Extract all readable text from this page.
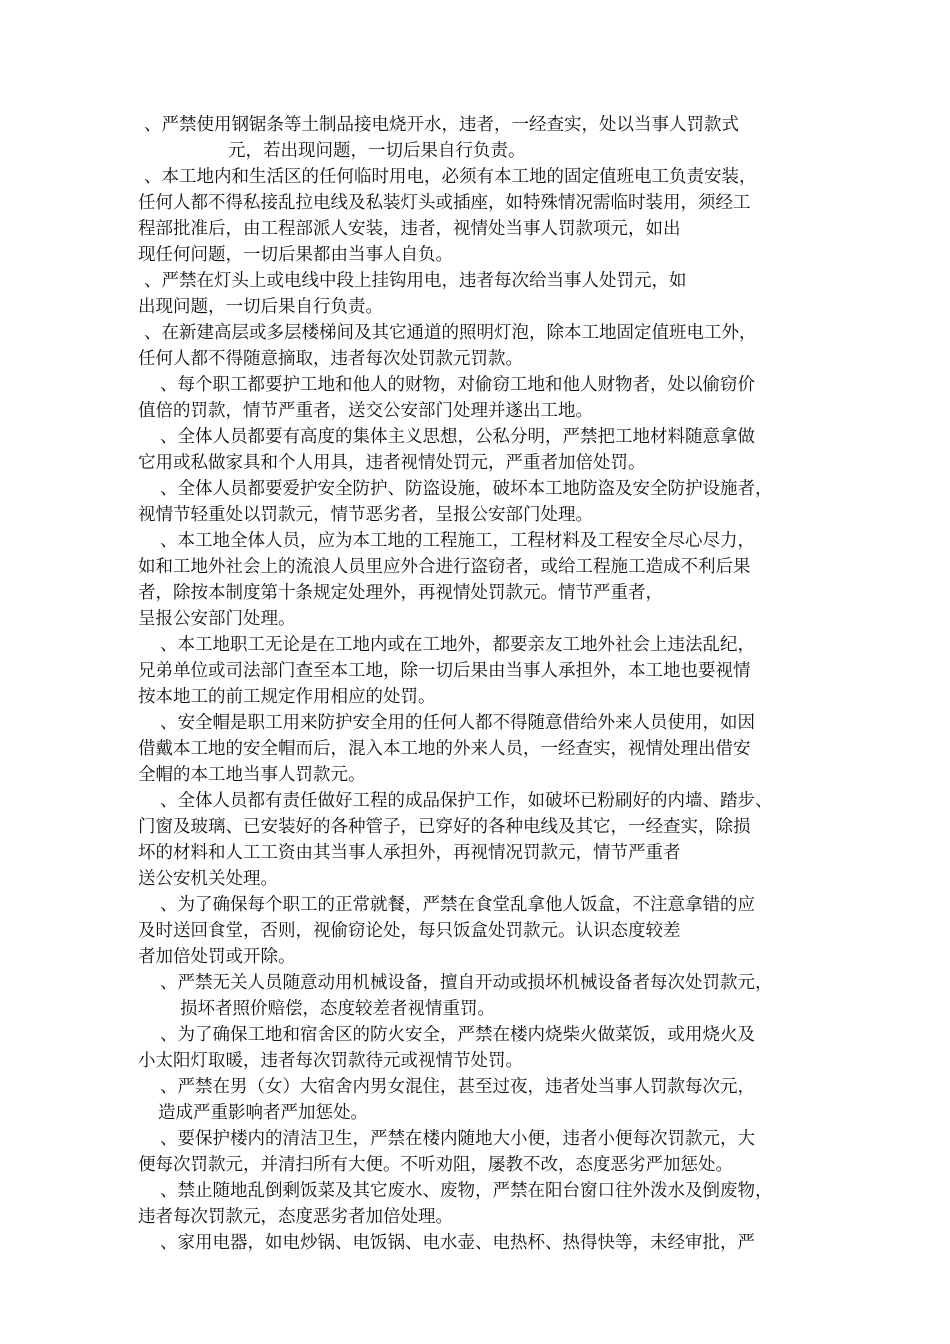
、严禁使用钢锯条等土制品接电烧开水，违者，一经查实，处以当事人罚款式
元，若出现问题，一切后果自行负责。
、本工地内和生活区的任何临时用电，必须有本工地的固定值班电工负责安装，
任何人都不得私接乱拉电线及私装灯头或插座，如特殊情况需临时装用，须经工
程部批准后，由工程部派人安装，违者，视情处当事人罚款项元，如出
现任何问题，一切后果都由当事人自负。
、严禁在灯头上或电线中段上挂钩用电，违者每次给当事人处罚元，如
出现问题，一切后果自行负责。
、在新建高层或多层楼梯间及其它通道的照明灯泡，除本工地固定值班电工外，
任何人都不得随意摘取，违者每次处罚款元罚款。
、每个职工都要护工地和他人的财物，对偷窃工地和他人财物者，处以偷窃价
值倍的罚款，情节严重者，送交公安部门处理并遂出工地。
、全体人员都要有高度的集体主义思想，公私分明，严禁把工地材料随意拿做
它用或私做家具和个人用具，违者视情处罚元，严重者加倍处罚。
、全体人员都要爱护安全防护、防盗设施，破坏本工地防盗及安全防护设施者，
视情节轻重处以罚款元，情节恶劣者，呈报公安部门处理。
、本工地全体人员，应为本工地的工程施工，工程材料及工程安全尽心尽力，
如和工地外社会上的流浪人员里应外合进行盗窃者，或给工程施工造成不利后果
者，除按本制度第十条规定处理外，再视情处罚款元。情节严重者，
呈报公安部门处理。
、本工地职工无论是在工地内或在工地外，都要亲友工地外社会上违法乱纪，
兄弟单位或司法部门查至本工地，除一切后果由当事人承担外，本工地也要视情
按本地工的前工规定作用相应的处罚。
、安全帽是职工用来防护安全用的任何人都不得随意借给外来人员使用，如因
借戴本工地的安全帽而后，混入本工地的外来人员，一经查实，视情处理出借安
全帽的本工地当事人罚款元。
、全体人员都有责任做好工程的成品保护工作，如破坏已粉刷好的内墙、踏步、
门窗及玻璃、已安装好的各种管子，已穿好的各种电线及其它，一经查实，除损
坏的材料和人工工资由其当事人承担外，再视情况罚款元，情节严重者
送公安机关处理。
、为了确保每个职工的正常就餐，严禁在食堂乱拿他人饭盒，不注意拿错的应
及时送回食堂，否则，视偷窃论处，每只饭盒处罚款元。认识态度较差
者加倍处罚或开除。
、严禁无关人员随意动用机械设备，擅自开动或损坏机械设备者每次处罚款元，
损坏者照价赔偿，态度较差者视情重罚。
、为了确保工地和宿舍区的防火安全，严禁在楼内烧柴火做菜饭，或用烧火及
小太阳灯取暖，违者每次罚款待元或视情节处罚。
、严禁在男（女）大宿舍内男女混住，甚至过夜，违者处当事人罚款每次元，
造成严重影响者严加惩处。
、要保护楼内的清洁卫生，严禁在楼内随地大小便，违者小便每次罚款元，大
便每次罚款元，并清扫所有大便。不听劝阻，屡教不改，态度恶劣严加惩处。
、禁止随地乱倒剩饭菜及其它废水、废物，严禁在阳台窗口往外泼水及倒废物，
违者每次罚款元，态度恶劣者加倍处理。
、家用电器，如电炒锅、电饭锅、电水壶、电热杯、热得快等，未经审批，严
